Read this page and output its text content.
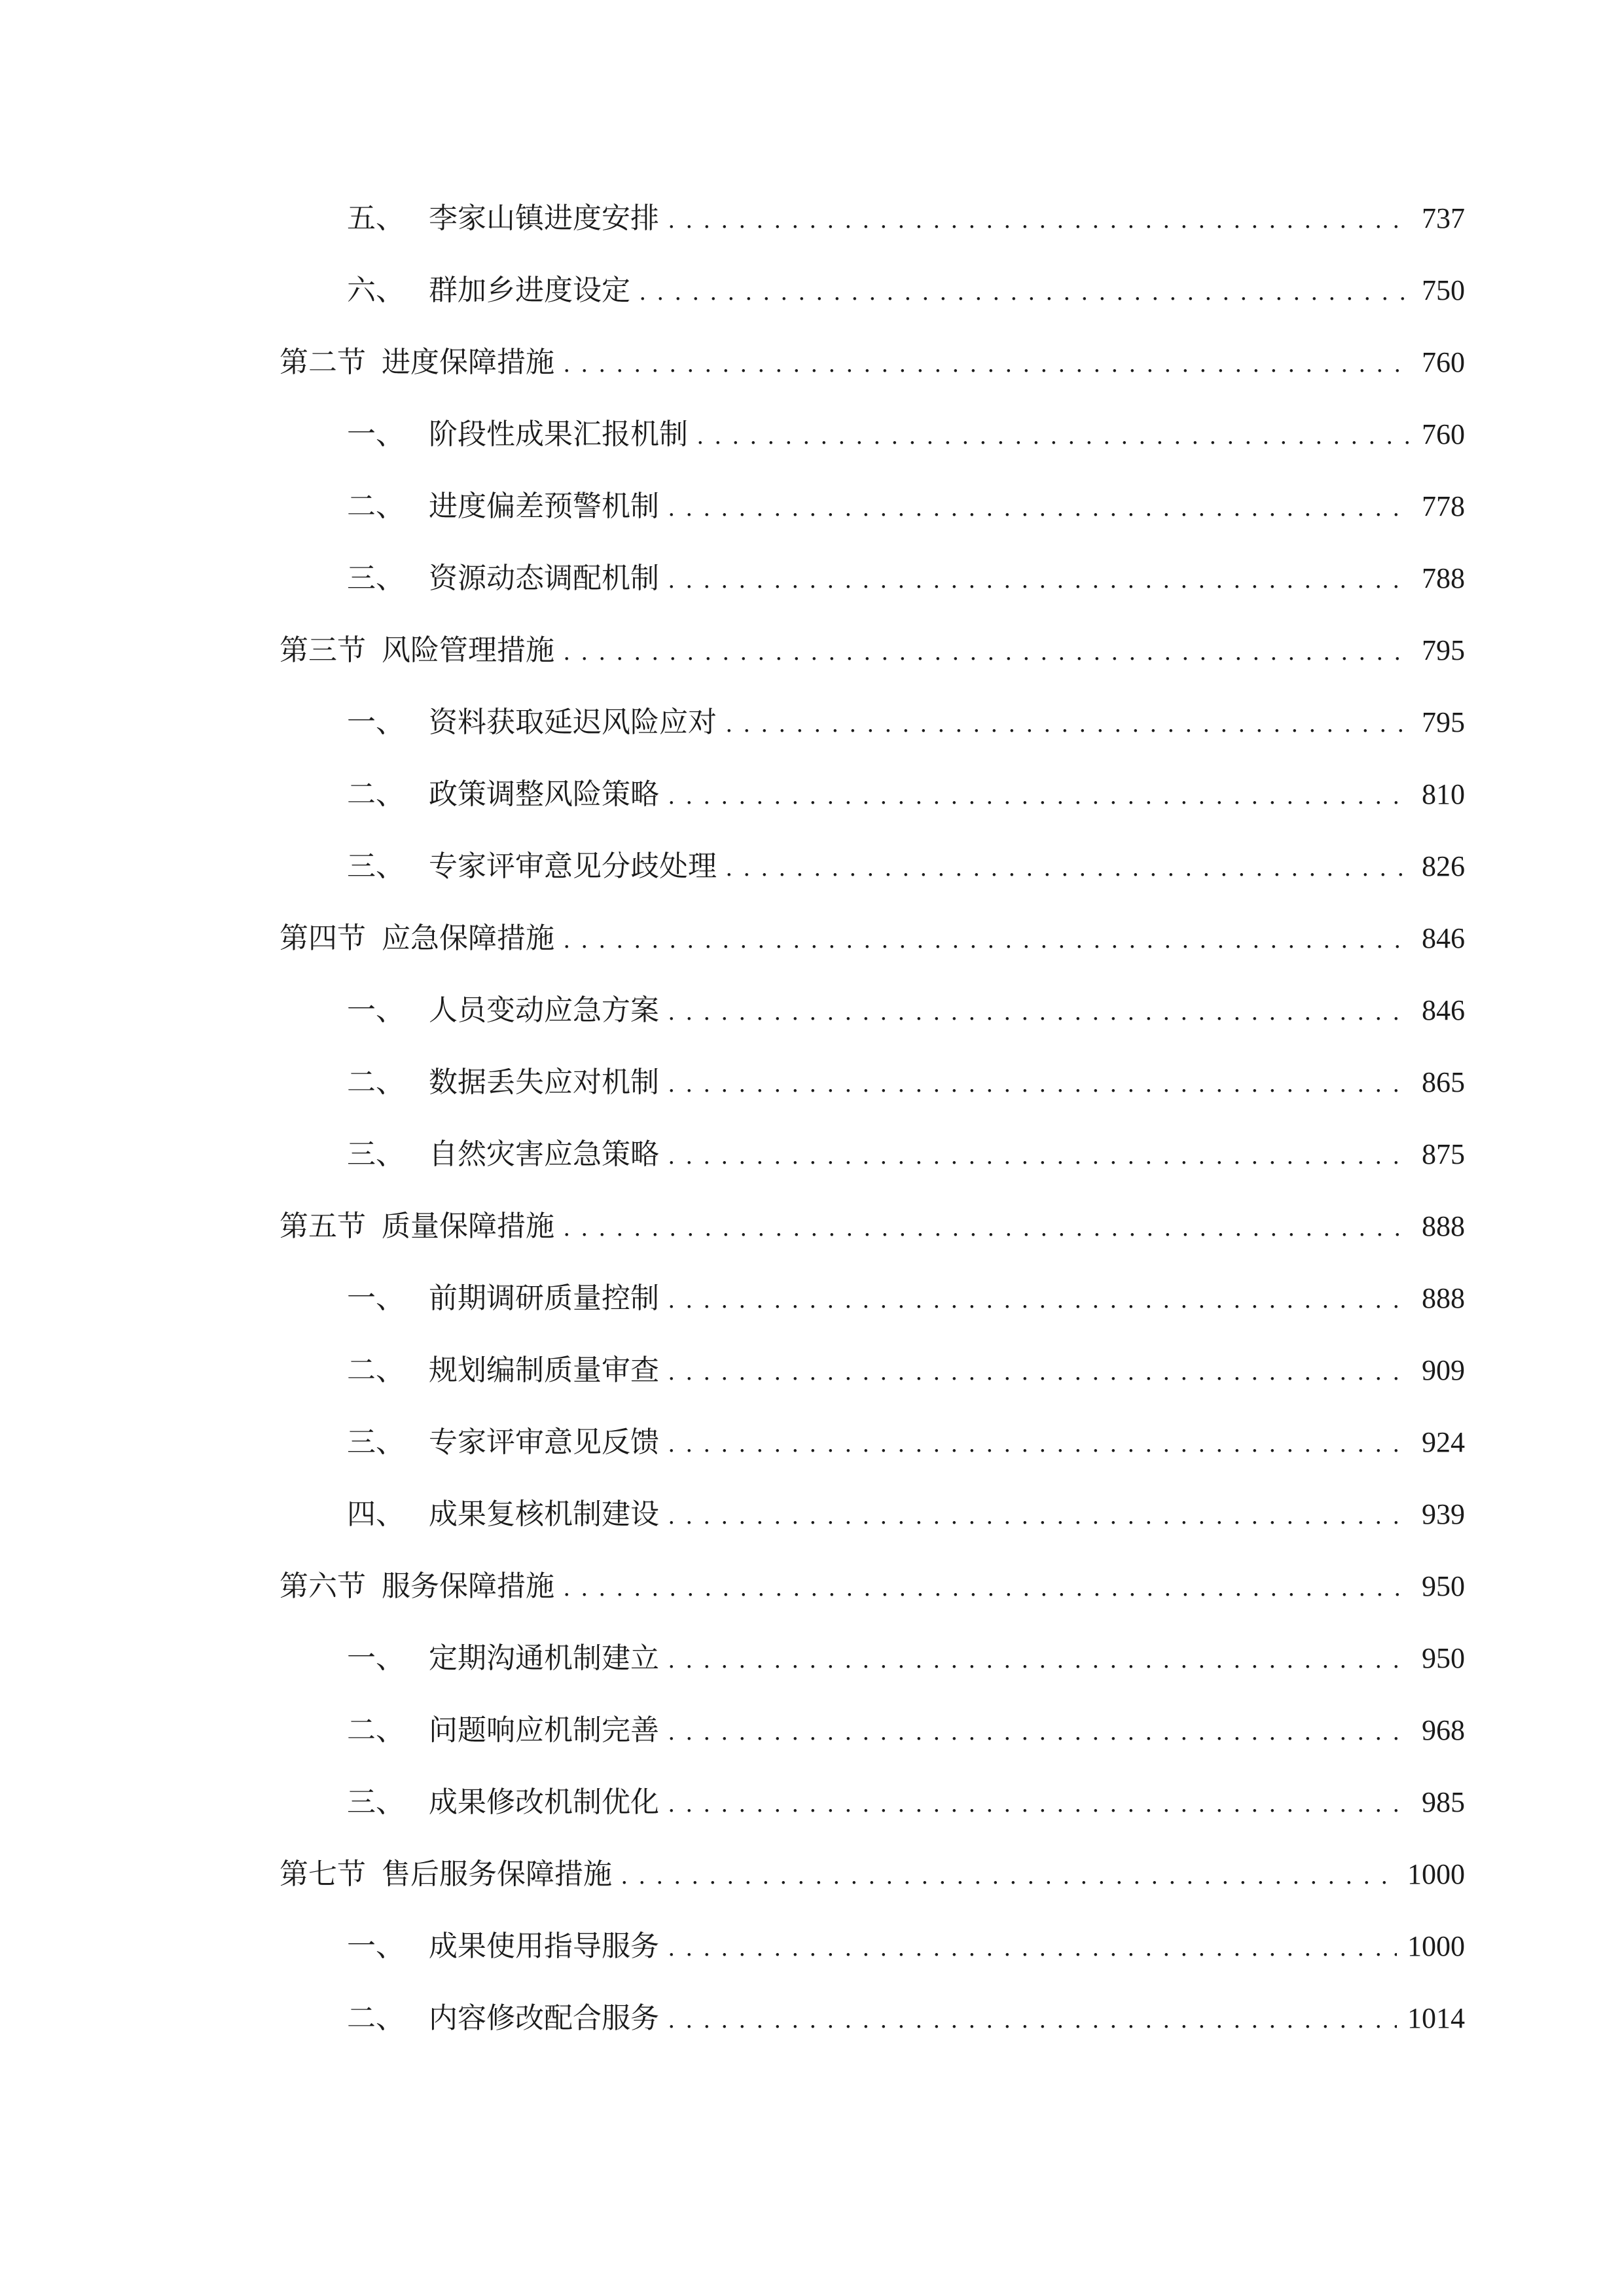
五、 李家山镇进度安排 . . .	737
六、 群加乡进度设定 . . .	750
第二节 进度保障措施 . . .	760
一、 阶段性成果汇报机制 . . .	760
二、 进度偏差预警机制 . . .	778
三、 资源动态调配机制 . . .	788
第三节 风险管理措施 . . .	795
一、 资料获取延迟风险应对 . . .	795
二、 政策调整风险策略 . . .	810
三、 专家评审意见分歧处理 . . .	826
第四节 应急保障措施 . . .	846
一、 人员变动应急方案 . . .	846
二、 数据丢失应对机制 . . .	865
三、 自然灾害应急策略 . . .	875
第五节 质量保障措施 . . .	888
一、 前期调研质量控制 . . .	888
二、 规划编制质量审查 . . .	909
三、 专家评审意见反馈 . . .	924
四、 成果复核机制建设 . . .	939
第六节 服务保障措施 . . .	950
一、 定期沟通机制建立 . . .	950
二、 问题响应机制完善 . . .	968
三、 成果修改机制优化 . . .	985
第七节 售后服务保障措施 . . .	1000
一、 成果使用指导服务 . . .	1000
二、 内容修改配合服务 . . .	1014
